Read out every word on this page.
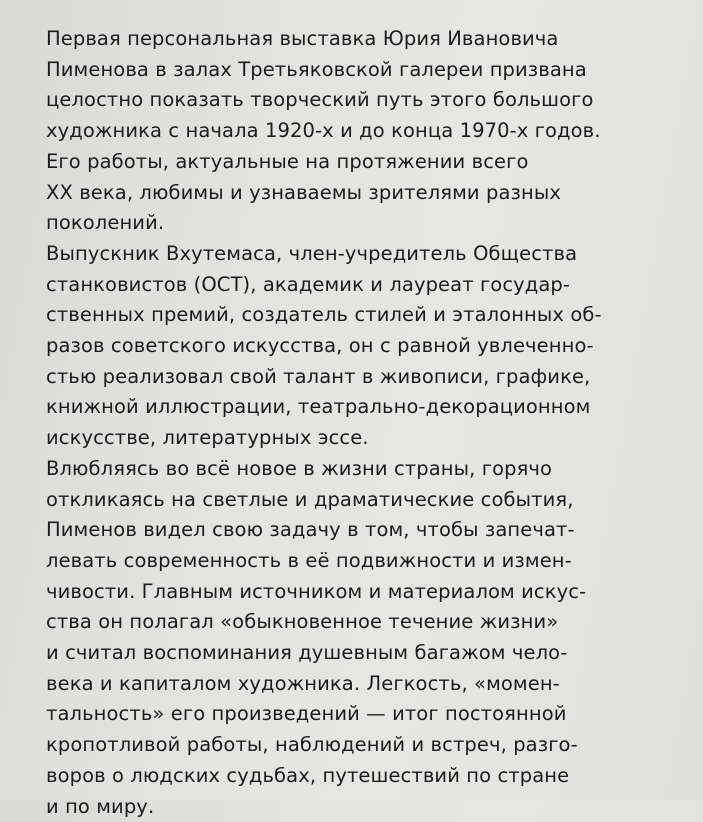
Первая персональная выставка Юрия Ивановича
Пименова в залах Третьяковской галереи призвана
целостно показать творческий путь этого большого
художника с начала 1920-х и до конца 1970-х годов.
Его работы, актуальные на протяжении всего
XX века, любимы и узнаваемы зрителями разных
поколений.
Выпускник Вхутемаса, член-учредитель Общества
станковистов (ОСТ), академик и лауреат государ-
ственных премий, создатель стилей и эталонных об-
разов советского искусства, он с равной увлеченно-
стью реализовал свой талант в живописи, графике,
книжной иллюстрации, театрально-декорационном
искусстве, литературных эссе.
Влюбляясь во всё новое в жизни страны, горячо
откликаясь на светлые и драматические события,
Пименов видел свою задачу в том, чтобы запечат-
левать современность в её подвижности и измен-
чивости. Главным источником и материалом искус-
ства он полагал «обыкновенное течение жизни»
и считал воспоминания душевным багажом чело-
века и капиталом художника. Легкость, «момен-
тальность» его произведений — итог постоянной
кропотливой работы, наблюдений и встреч, разго-
воров о людских судьбах, путешествий по стране
и по миру.
